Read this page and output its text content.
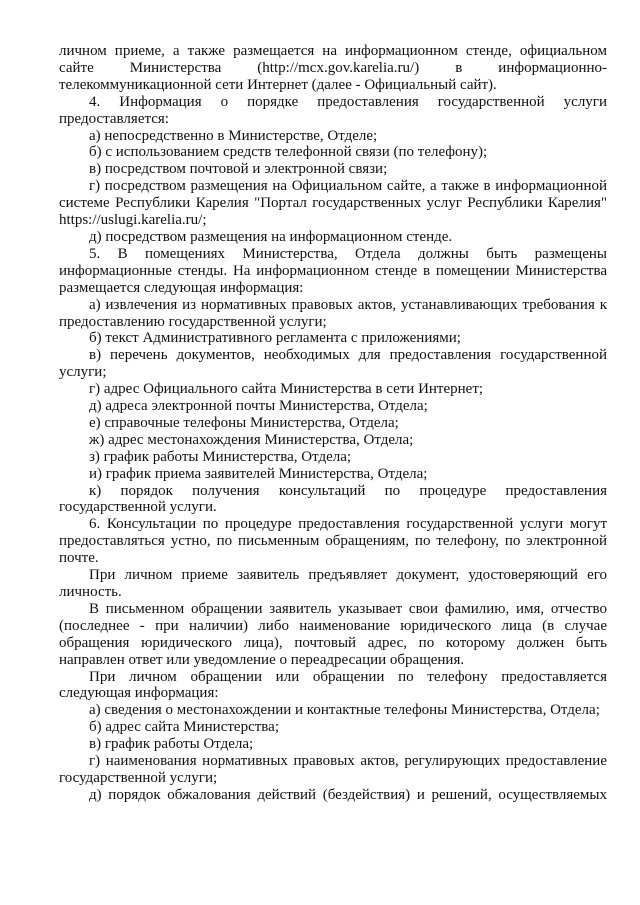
личном приеме, а также размещается на информационном стенде, официальном сайте Министерства (http://mcx.gov.karelia.ru/) в информационно-телекоммуникационной сети Интернет (далее - Официальный сайт).

4. Информация о порядке предоставления государственной услуги предоставляется:

а) непосредственно в Министерстве, Отделе;

б) с использованием средств телефонной связи (по телефону);

в) посредством почтовой и электронной связи;

г) посредством размещения на Официальном сайте, а также в информационной системе Республики Карелия "Портал государственных услуг Республики Карелия" https://uslugi.karelia.ru/;

д) посредством размещения на информационном стенде.

5. В помещениях Министерства, Отдела должны быть размещены информационные стенды. На информационном стенде в помещении Министерства размещается следующая информация:

а) извлечения из нормативных правовых актов, устанавливающих требования к предоставлению государственной услуги;

б) текст Административного регламента с приложениями;

в) перечень документов, необходимых для предоставления государственной услуги;

г) адрес Официального сайта Министерства в сети Интернет;

д) адреса электронной почты Министерства, Отдела;

е) справочные телефоны Министерства, Отдела;

ж) адрес местонахождения Министерства, Отдела;

з) график работы Министерства, Отдела;

и) график приема заявителей Министерства, Отдела;

к) порядок получения консультаций по процедуре предоставления государственной услуги.

6. Консультации по процедуре предоставления государственной услуги могут предоставляться устно, по письменным обращениям, по телефону, по электронной почте.

При личном приеме заявитель предъявляет документ, удостоверяющий его личность.

В письменном обращении заявитель указывает свои фамилию, имя, отчество (последнее - при наличии) либо наименование юридического лица (в случае обращения юридического лица), почтовый адрес, по которому должен быть направлен ответ или уведомление о переадресации обращения.

При личном обращении или обращении по телефону предоставляется следующая информация:

а) сведения о местонахождении и контактные телефоны Министерства, Отдела;

б) адрес сайта Министерства;

в) график работы Отдела;

г) наименования нормативных правовых актов, регулирующих предоставление государственной услуги;

д) порядок обжалования действий (бездействия) и решений, осуществляемых
